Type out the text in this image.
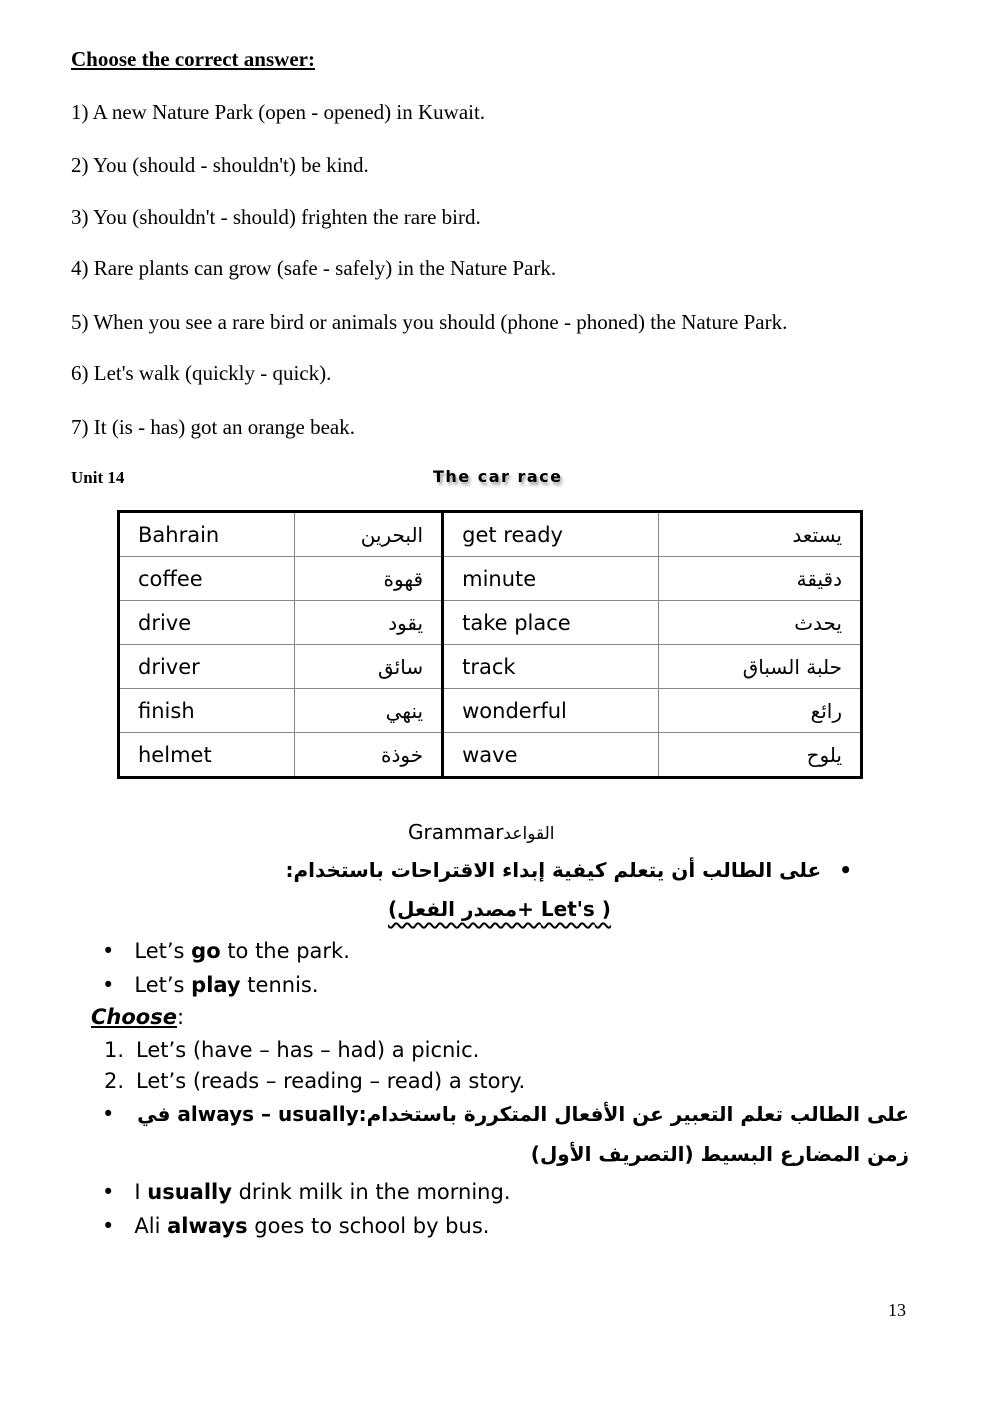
Choose the correct answer:
1) A new Nature Park (open - opened) in Kuwait.
2) You (should - shouldn't) be kind.
3) You (shouldn't - should) frighten the rare bird.
4) Rare plants can grow (safe - safely) in the Nature Park.
5) When you see a rare bird or animals you should (phone - phoned) the Nature Park.
6) Let's walk (quickly - quick).
7) It (is - has) got an orange beak.
Unit 14	The car race
Bahrain	البحرين	get ready	يستعد
coffee	قهوة	minute	دقيقة
drive	يقود	take place	يحدث
driver	سائق	track	حلبة السباق
finish	ينهي	wonderful	رائع
helmet	خوذة	wave	يلوح
Grammarالقواعد
•على الطالب أن يتعلم كيفية إبداء الاقتراحات باستخدام:
( Let's +مصدر الفعل)
• Let’s go to the park.
• Let’s play tennis.
Choose:
1. Let’s (have – has – had) a picnic.
2. Let’s (reads – reading – read) a story.
• على الطالب تعلم التعبير عن الأفعال المتكررة باستخدام:always – usually في
زمن المضارع البسيط (التصريف الأول)
• I usually drink milk in the morning.
• Ali always goes to school by bus.
13
